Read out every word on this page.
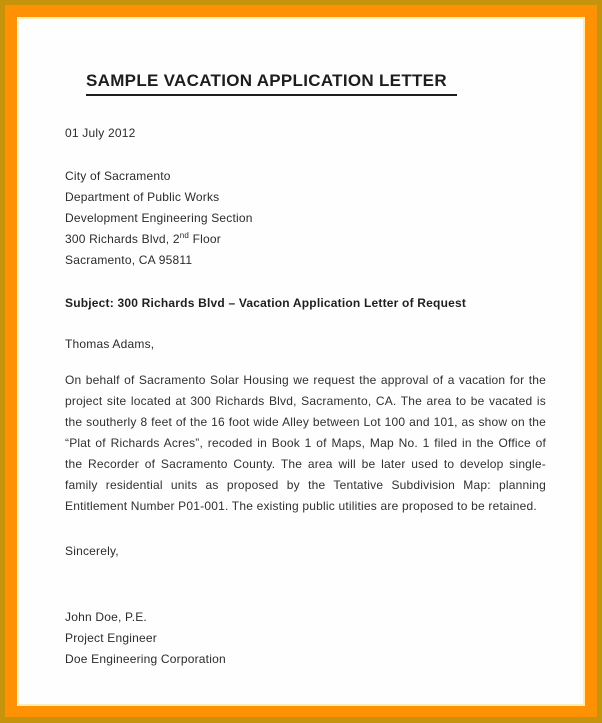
SAMPLE VACATION APPLICATION LETTER
01 July 2012
City of Sacramento
Department of Public Works
Development Engineering Section
300 Richards Blvd, 2nd Floor
Sacramento, CA 95811
Subject: 300 Richards Blvd – Vacation Application Letter of Request
Thomas Adams,
On behalf of Sacramento Solar Housing we request the approval of a vacation for the project site located at 300 Richards Blvd, Sacramento, CA. The area to be vacated is the southerly 8 feet of the 16 foot wide Alley between Lot 100 and 101, as show on the “Plat of Richards Acres”, recoded in Book 1 of Maps, Map No. 1 filed in the Office of the Recorder of Sacramento County. The area will be later used to develop single-family residential units as proposed by the Tentative Subdivision Map: planning Entitlement Number P01-001. The existing public utilities are proposed to be retained.
Sincerely,
John Doe, P.E.
Project Engineer
Doe Engineering Corporation
